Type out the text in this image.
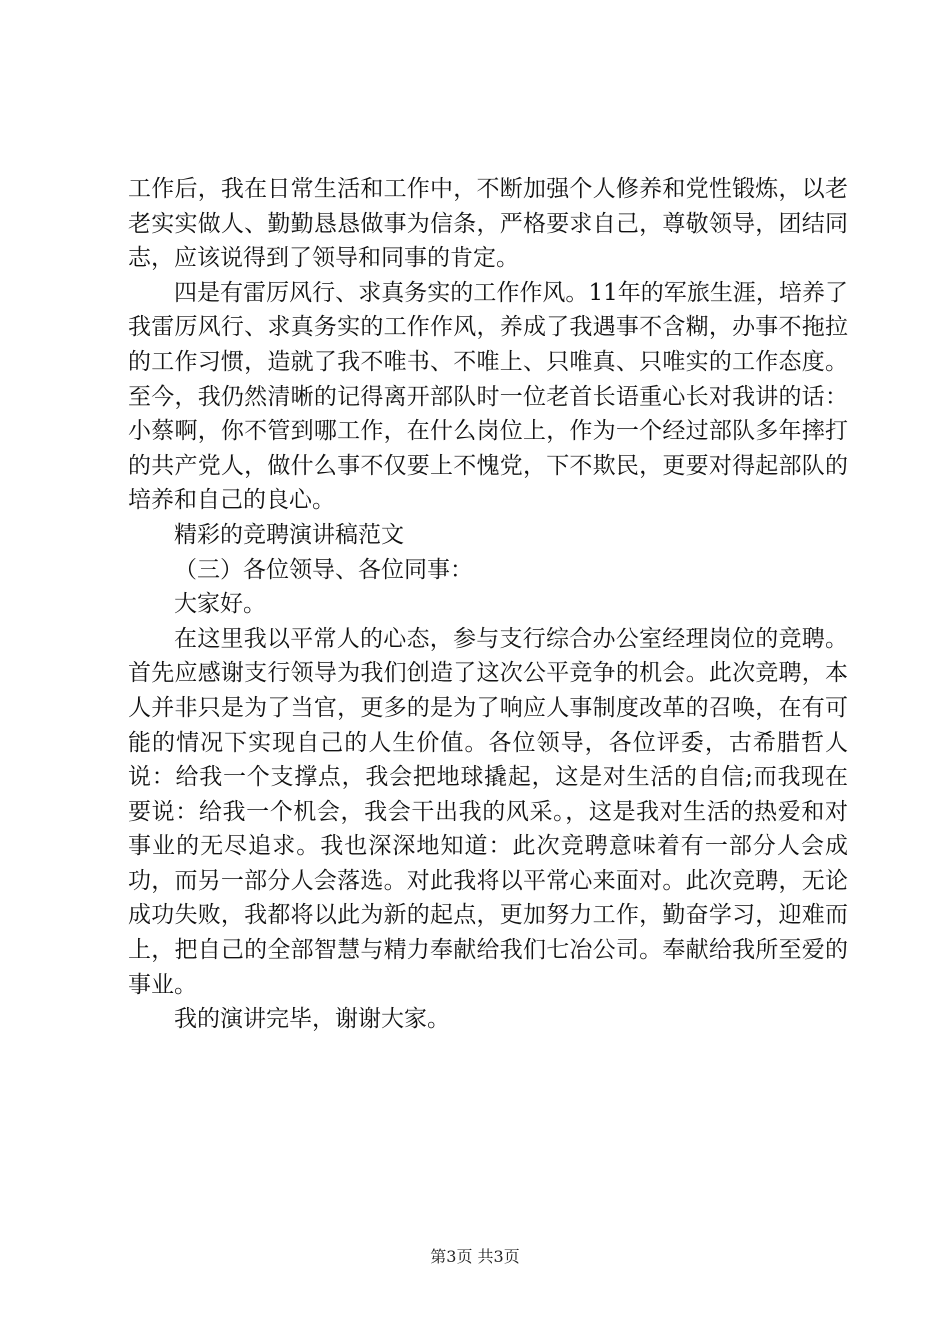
工作后，我在日常生活和工作中，不断加强个人修养和党性锻炼，以老老实实做人、勤勤恳恳做事为信条，严格要求自己，尊敬领导，团结同志，应该说得到了领导和同事的肯定。

四是有雷厉风行、求真务实的工作作风。11年的军旅生涯，培养了我雷厉风行、求真务实的工作作风，养成了我遇事不含糊，办事不拖拉的工作习惯，造就了我不唯书、不唯上、只唯真、只唯实的工作态度。至今，我仍然清晰的记得离开部队时一位老首长语重心长对我讲的话：小蔡啊，你不管到哪工作，在什么岗位上，作为一个经过部队多年摔打的共产党人，做什么事不仅要上不愧党，下不欺民，更要对得起部队的培养和自己的良心。

精彩的竞聘演讲稿范文

（三）各位领导、各位同事：

大家好。

在这里我以平常人的心态，参与支行综合办公室经理岗位的竞聘。首先应感谢支行领导为我们创造了这次公平竞争的机会。此次竞聘，本人并非只是为了当官，更多的是为了响应人事制度改革的召唤，在有可能的情况下实现自己的人生价值。各位领导，各位评委，古希腊哲人说：给我一个支撑点，我会把地球撬起，这是对生活的自信;而我现在要说：给我一个机会，我会干出我的风采。，这是我对生活的热爱和对事业的无尽追求。我也深深地知道：此次竞聘意味着有一部分人会成功，而另一部分人会落选。对此我将以平常心来面对。此次竞聘，无论成功失败，我都将以此为新的起点，更加努力工作，勤奋学习，迎难而上，把自己的全部智慧与精力奉献给我们七冶公司。奉献给我所至爱的事业。

我的演讲完毕，谢谢大家。

第3页 共3页
